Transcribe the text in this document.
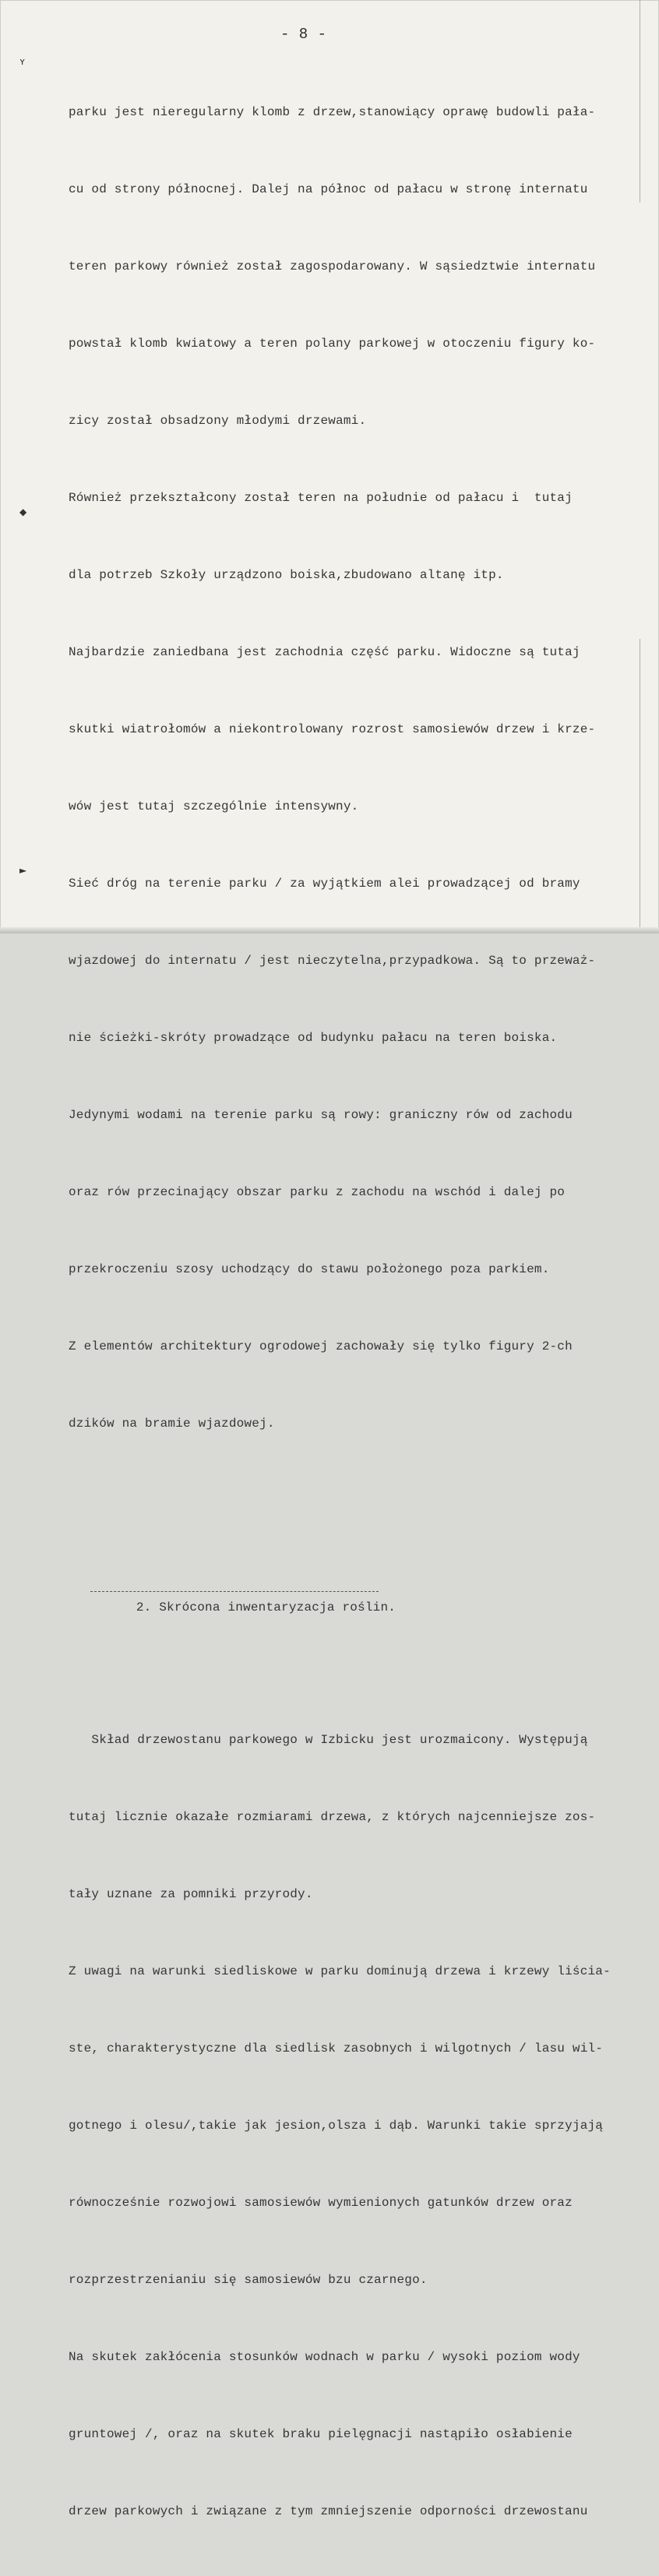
- 8 -
ʏ
◆
►

parku jest nieregularny klomb z drzew,stanowiący oprawę budowli pała-

cu od strony północnej. Dalej na północ od pałacu w stronę internatu

teren parkowy również został zagospodarowany. W sąsiedztwie internatu

powstał klomb kwiatowy a teren polany parkowej w otoczeniu figury ko-

zicy został obsadzony młodymi drzewami.

Również przekształcony został teren na południe od pałacu i  tutaj

dla potrzeb Szkoły urządzono boiska,zbudowano altanę itp.

Najbardzie zaniedbana jest zachodnia część parku. Widoczne są tutaj

skutki wiatrołomów a niekontrolowany rozrost samosiewów drzew i krze-

wów jest tutaj szczególnie intensywny.

Sieć dróg na terenie parku / za wyjątkiem alei prowadzącej od bramy

wjazdowej do internatu / jest nieczytelna,przypadkowa. Są to przeważ-

nie ścieżki-skróty prowadzące od budynku pałacu na teren boiska.

Jedynymi wodami na terenie parku są rowy: graniczny rów od zachodu

oraz rów przecinający obszar parku z zachodu na wschód i dalej po

przekroczeniu szosy uchodzący do stawu położonego poza parkiem.

Z elementów architektury ogrodowej zachowały się tylko figury 2-ch

dzików na bramie wjazdowej.

2. Skrócona inwentaryzacja roślin.

Skład drzewostanu parkowego w Izbicku jest urozmaicony. Występują

tutaj licznie okazałe rozmiarami drzewa, z których najcenniejsze zos-

tały uznane za pomniki przyrody.

Z uwagi na warunki siedliskowe w parku dominują drzewa i krzewy liścia-

ste, charakterystyczne dla siedlisk zasobnych i wilgotnych / lasu wil-

gotnego i olesu/,takie jak jesion,olsza i dąb. Warunki takie sprzyjają

równocześnie rozwojowi samosiewów wymienionych gatunków drzew oraz

rozprzestrzenianiu się samosiewów bzu czarnego.

Na skutek zakłócenia stosunków wodnach w parku / wysoki poziom wody

gruntowej /, oraz na skutek braku pielęgnacji nastąpiło osłabienie

drzew parkowych i związane z tym zmniejszenie odporności drzewostanu
